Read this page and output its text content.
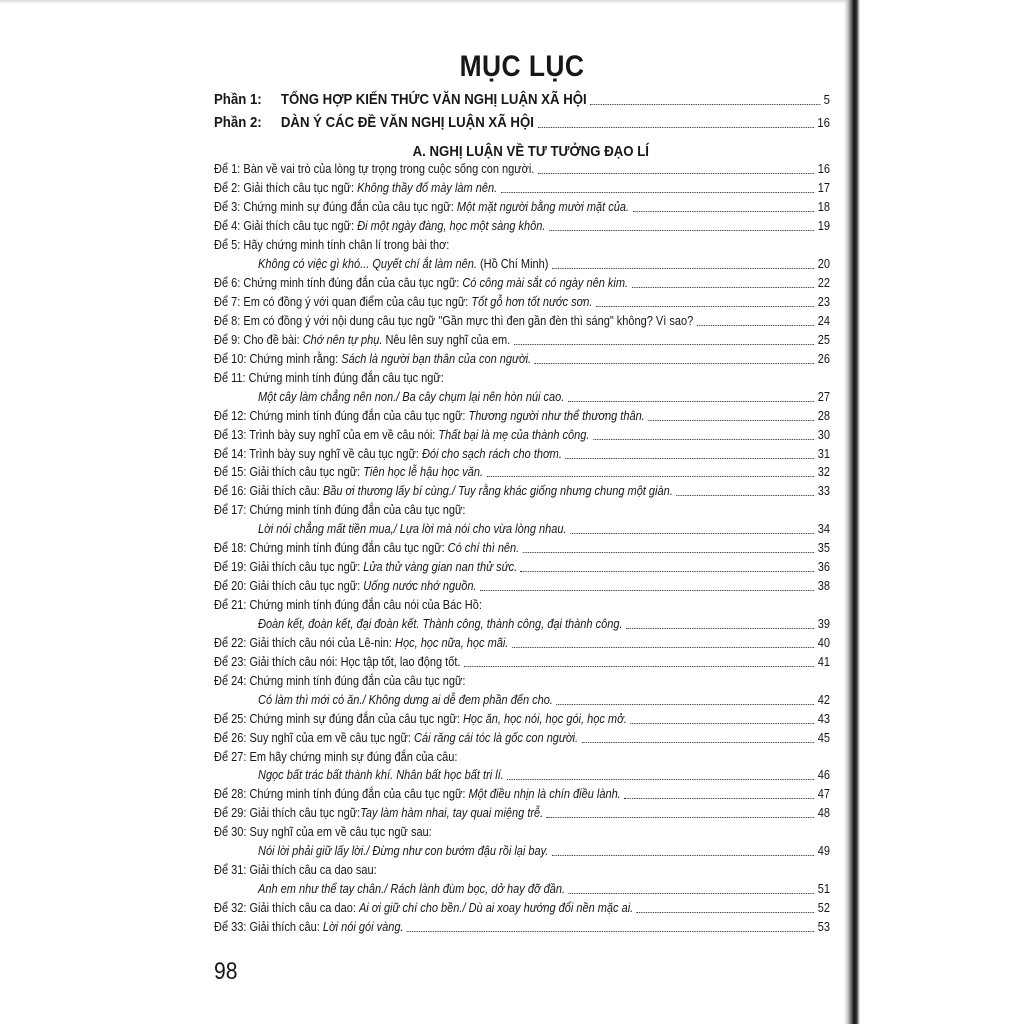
MỤC LỤC
Phần 1:	TỔNG HỢP KIẾN THỨC VĂN NGHỊ LUẬN XÃ HỘI	5
Phần 2:	DÀN Ý CÁC ĐỀ VĂN NGHỊ LUẬN XÃ HỘI	16
A. NGHỊ LUẬN VỀ TƯ TƯỞNG ĐẠO LÍ
Để 1: Bàn về vai trò của lòng tự trọng trong cuộc sống con người.	16
Để 2: Giải thích câu tục ngữ: Không thầy đố mày làm nên.	17
Để 3: Chứng minh sự đúng đắn của câu tục ngữ: Một mặt người bằng mười mặt của.	18
Để 4: Giải thích câu tục ngữ: Đi một ngày đàng, học một sàng khôn.	19
Để 5: Hãy chứng minh tính chân lí trong bài thơ:
Không có việc gì khó... Quyết chí ắt làm nên. (Hồ Chí Minh)	20
Để 6: Chứng minh tính đúng đắn của câu tục ngữ: Có công mài sắt có ngày nên kim.	22
Để 7: Em có đồng ý với quan điểm của câu tục ngữ: Tốt gỗ hơn tốt nước sơn.	23
Để 8: Em có đồng ý với nội dung câu tục ngữ "Gần mực thì đen gần đèn thì sáng" không? Vì sao?	24
Để 9: Cho đề bài: Chớ nên tự phụ. Nêu lên suy nghĩ của em.	25
Để 10: Chứng minh rằng: Sách là người bạn thân của con người.	26
Để 11: Chứng minh tính đúng đắn câu tục ngữ:
Một cây làm chẳng nên non./ Ba cây chụm lại nên hòn núi cao.	27
Để 12: Chứng minh tính đúng đắn của câu tục ngữ: Thương người như thể thương thân.	28
Để 13: Trình bày suy nghĩ của em về câu nói: Thất bại là mẹ của thành công.	30
Để 14: Trình bày suy nghĩ về câu tục ngữ: Đói cho sạch rách cho thơm.	31
Để 15: Giải thích câu tục ngữ: Tiên học lễ hậu học văn.	32
Để 16: Giải thích câu: Bầu ơi thương lấy bí cùng./ Tuy rằng khác giống nhưng chung một giàn.	33
Để 17: Chứng minh tính đúng đắn của câu tục ngữ:
Lời nói chẳng mất tiền mua,/ Lựa lời mà nói cho vừa lòng nhau.	34
Để 18: Chứng minh tính đúng đắn câu tục ngữ: Có chí thì nên.	35
Để 19: Giải thích câu tục ngữ: Lửa thử vàng gian nan thử sức.	36
Để 20: Giải thích câu tục ngữ: Uống nước nhớ nguồn.	38
Để 21: Chứng minh tính đúng đắn câu nói của Bác Hồ:
Đoàn kết, đoàn kết, đại đoàn kết. Thành công, thành công, đại thành công.	39
Để 22: Giải thích câu nói của Lê-nin: Học, học nữa, học mãi.	40
Để 23: Giải thích câu nói: Học tập tốt, lao động tốt.	41
Để 24: Chứng minh tính đúng đắn của câu tục ngữ:
Có làm thì mới có ăn./ Không dưng ai dễ đem phần đến cho.	42
Để 25: Chứng minh sự đúng đắn của câu tục ngữ: Học ăn, học nói, học gói, học mở.	43
Để 26: Suy nghĩ của em về câu tục ngữ: Cái răng cái tóc là gốc con người.	45
Để 27: Em hãy chứng minh sự đúng đắn của câu:
Ngọc bất trác bất thành khí. Nhân bất học bất tri lí.	46
Để 28: Chứng minh tính đúng đắn của câu tục ngữ: Một điều nhịn là chín điều lành.	47
Để 29: Giải thích câu tục ngữ:Tay làm hàm nhai, tay quai miệng trễ.	48
Để 30: Suy nghĩ của em về câu tục ngữ sau:
Nói lời phải giữ lấy lời./ Đừng như con bướm đậu rồi lại bay.	49
Để 31: Giải thích câu ca dao sau:
Anh em như thể tay chân./ Rách lành đùm bọc, dở hay đỡ đần.	51
Để 32: Giải thích câu ca dao: Ai ơi giữ chí cho bền./ Dù ai xoay hướng đổi nền mặc ai.	52
Để 33: Giải thích câu: Lời nói gói vàng.	53
98
